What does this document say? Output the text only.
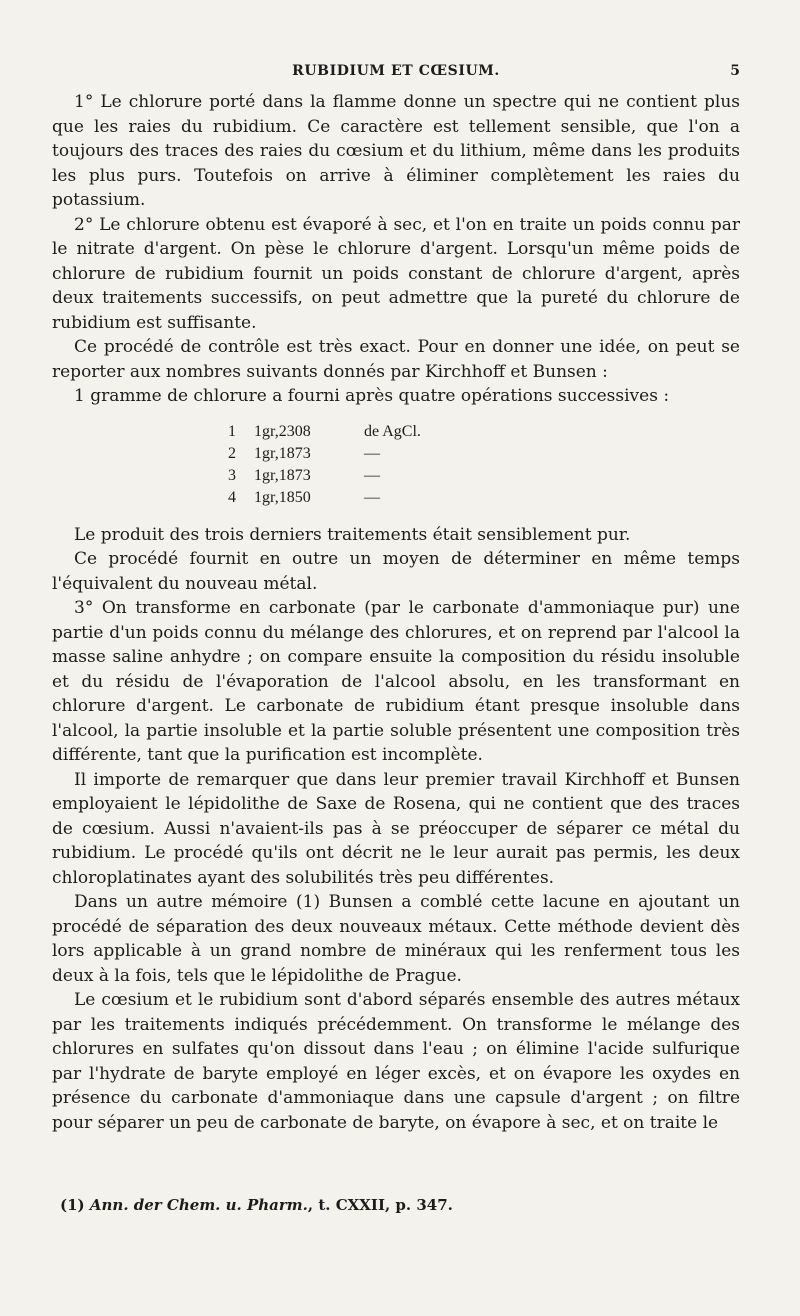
RUBIDIUM ET CŒSIUM.	5

1° Le chlorure porté dans la flamme donne un spectre qui ne contient plus que les raies du rubidium. Ce caractère est tellement sensible, que l'on a toujours des traces des raies du cœsium et du lithium, même dans les produits les plus purs. Toutefois on arrive à éliminer complètement les raies du potassium.

2° Le chlorure obtenu est évaporé à sec, et l'on en traite un poids connu par le nitrate d'argent. On pèse le chlorure d'argent. Lorsqu'un même poids de chlorure de rubidium fournit un poids constant de chlorure d'argent, après deux traitements successifs, on peut admettre que la pureté du chlorure de rubidium est suffisante.

Ce procédé de contrôle est très exact. Pour en donner une idée, on peut se reporter aux nombres suivants donnés par Kirchhoff et Bunsen :

1 gramme de chlorure a fourni après quatre opérations successives :

1	1gr,2308	de AgCl.
2	1gr,1873	—
3	1gr,1873	—
4	1gr,1850	—

Le produit des trois derniers traitements était sensiblement pur.

Ce procédé fournit en outre un moyen de déterminer en même temps l'équivalent du nouveau métal.

3° On transforme en carbonate (par le carbonate d'ammoniaque pur) une partie d'un poids connu du mélange des chlorures, et on reprend par l'alcool la masse saline anhydre ; on compare ensuite la composition du résidu insoluble et du résidu de l'évaporation de l'alcool absolu, en les transformant en chlorure d'argent. Le carbonate de rubidium étant presque insoluble dans l'alcool, la partie insoluble et la partie soluble présentent une composition très différente, tant que la purification est incomplète.

Il importe de remarquer que dans leur premier travail Kirchhoff et Bunsen employaient le lépidolithe de Saxe de Rosena, qui ne contient que des traces de cœsium. Aussi n'avaient-ils pas à se préoccuper de séparer ce métal du rubidium. Le procédé qu'ils ont décrit ne le leur aurait pas permis, les deux chloroplatinates ayant des solubilités très peu différentes.

Dans un autre mémoire (1) Bunsen a comblé cette lacune en ajoutant un procédé de séparation des deux nouveaux métaux. Cette méthode devient dès lors applicable à un grand nombre de minéraux qui les renferment tous les deux à la fois, tels que le lépidolithe de Prague.

Le cœsium et le rubidium sont d'abord séparés ensemble des autres métaux par les traitements indiqués précédemment. On transforme le mélange des chlorures en sulfates qu'on dissout dans l'eau ; on élimine l'acide sulfurique par l'hydrate de baryte employé en léger excès, et on évapore les oxydes en présence du carbonate d'ammoniaque dans une capsule d'argent ; on filtre pour séparer un peu de carbonate de baryte, on évapore à sec, et on traite le

(1) Ann. der Chem. u. Pharm., t. CXXII, p. 347.
